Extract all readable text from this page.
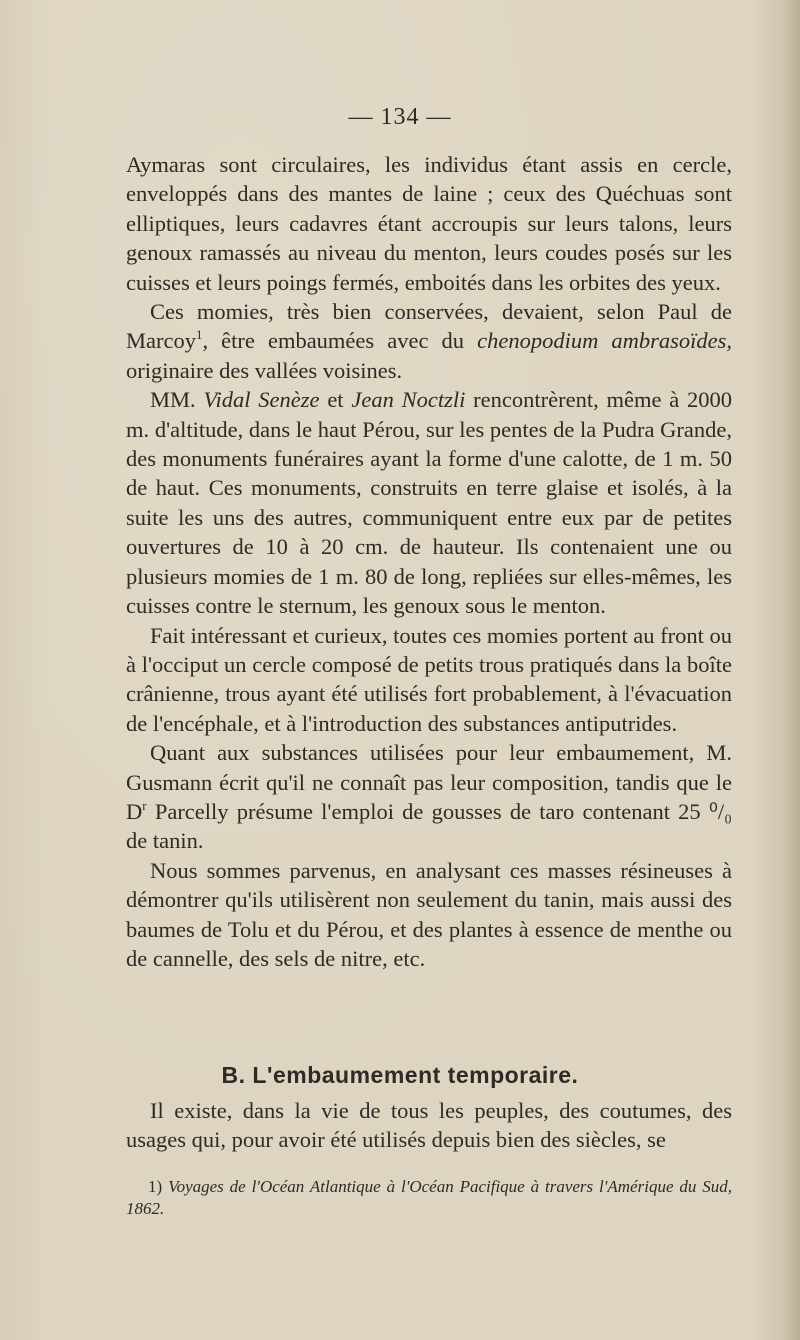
— 134 —

Aymaras sont circulaires, les individus étant assis en cercle, enveloppés dans des mantes de laine ; ceux des Quéchuas sont elliptiques, leurs cadavres étant accroupis sur leurs talons, leurs genoux ramassés au niveau du menton, leurs coudes posés sur les cuisses et leurs poings fermés, emboités dans les orbites des yeux.

Ces momies, très bien conservées, devaient, selon Paul de Marcoy$^1$, être embaumées avec du chenopodium ambrasoïdes, originaire des vallées voisines.

MM. Vidal Senèze et Jean Noctzli rencontrèrent, même à 2000 m. d'altitude, dans le haut Pérou, sur les pentes de la Pudra Grande, des monuments funéraires ayant la forme d'une calotte, de 1 m. 50 de haut. Ces monuments, construits en terre glaise et isolés, à la suite les uns des autres, communiquent entre eux par de petites ouvertures de 10 à 20 cm. de hauteur. Ils contenaient une ou plusieurs momies de 1 m. 80 de long, repliées sur elles-mêmes, les cuisses contre le sternum, les genoux sous le menton.

Fait intéressant et curieux, toutes ces momies portent au front ou à l'occiput un cercle composé de petits trous pratiqués dans la boîte crânienne, trous ayant été utilisés fort probablement, à l'évacuation de l'encéphale, et à l'introduction des substances antiputrides.

Quant aux substances utilisées pour leur embaumement, M. Gusmann écrit qu'il ne connaît pas leur composition, tandis que le $D^r$ Parcelly présume l'emploi de gousses de taro contenant 25 ⁰/₀ de tanin.

Nous sommes parvenus, en analysant ces masses résineuses à démontrer qu'ils utilisèrent non seulement du tanin, mais aussi des baumes de Tolu et du Pérou, et des plantes à essence de menthe ou de cannelle, des sels de nitre, etc.

B. L'embaumement temporaire.

Il existe, dans la vie de tous les peuples, des coutumes, des usages qui, pour avoir été utilisés depuis bien des siècles, se

1) Voyages de l'Océan Atlantique à l'Océan Pacifique à travers l'Amérique du Sud, 1862.
